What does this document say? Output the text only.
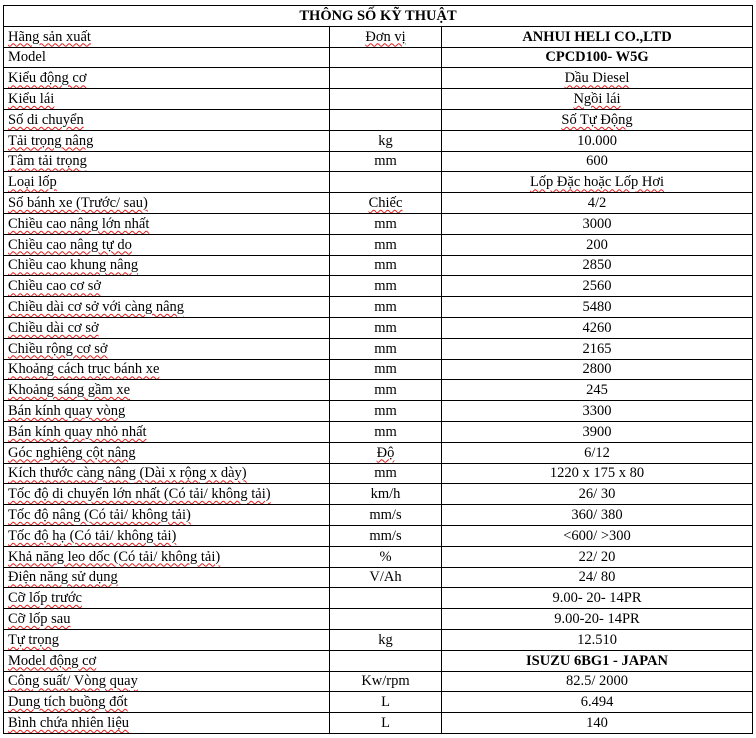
THÔNG SỐ KỸ THUẬT		
Hãng sản xuất	Đơn vị	ANHUI HELI CO.,LTD
Model		CPCD100- W5G
Kiểu động cơ		Dầu Diesel
Kiểu lái		Ngồi lái
Số di chuyển		Số Tự Động
Tải trọng nâng	kg	10.000
Tâm tải trọng	mm	600
Loại lốp		Lốp Đặc hoặc Lốp Hơi
Số bánh xe (Trước/ sau)	Chiếc	4/2
Chiều cao nâng lớn nhất	mm	3000
Chiều cao nâng tự do	mm	200
Chiều cao khung nâng	mm	2850
Chiều cao cơ sở	mm	2560
Chiều dài cơ sở với càng nâng	mm	5480
Chiều dài cơ sở	mm	4260
Chiều rộng cơ sở	mm	2165
Khoảng cách trục bánh xe	mm	2800
Khoảng sáng gầm xe	mm	245
Bán kính quay vòng	mm	3300
Bán kính quay nhỏ nhất	mm	3900
Góc nghiêng cột nâng	Độ	6/12
Kích thước càng nâng (Dài x rộng x dày)	mm	1220 x 175 x 80
Tốc độ di chuyển lớn nhất (Có tải/ không tải)	km/h	26/ 30
Tốc độ nâng (Có tải/ không tải)	mm/s	360/ 380
Tốc độ hạ (Có tải/ không tải)	mm/s	<600/ >300
Khả năng leo dốc (Có tải/ không tải)	%	22/ 20
Điện năng sử dụng	V/Ah	24/ 80
Cỡ lốp trước		9.00- 20- 14PR
Cỡ lốp sau		9.00-20- 14PR
Tự trọng	kg	12.510
Model động cơ		ISUZU 6BG1 - JAPAN
Công suất/ Vòng quay	Kw/rpm	82.5/ 2000
Dung tích buồng đốt	L	6.494
Bình chứa nhiên liệu	L	140
